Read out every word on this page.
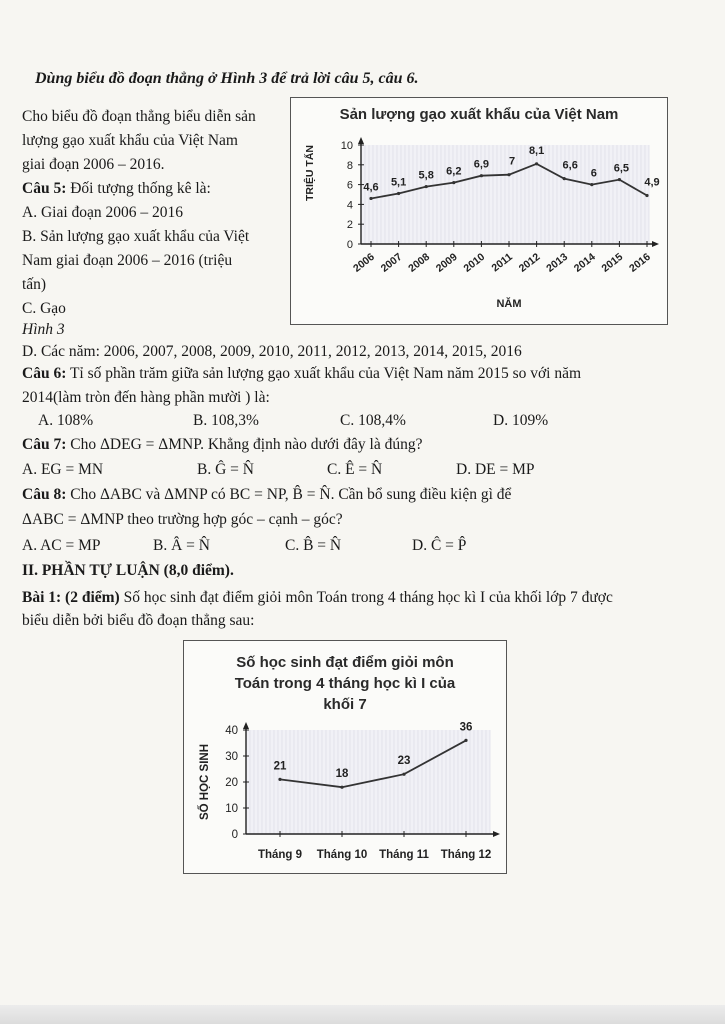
Dùng biểu đồ đoạn thẳng ở Hình 3 để trả lời câu 5, câu 6.
Cho biểu đồ đoạn thẳng biểu diễn sản
lượng gạo xuất khẩu của Việt Nam
giai đoạn 2006 – 2016.
Câu 5: Đối tượng thống kê là:
A. Giai đoạn 2006 – 2016
B. Sản lượng gạo xuất khẩu của Việt
Nam giai đoạn 2006 – 2016 (triệu
tấn)
C. Gạo
Hình 3
D. Các năm: 2006, 2007, 2008, 2009, 2010, 2011, 2012, 2013, 2014, 2015, 2016
Sản lượng gạo xuất khẩu của Việt Nam
0
2
4
6
8
10
2006 2007 2008 2009 2010 2011 2012 2013 2014 2015 2016
4,6 5,1
5,8 6,2
6,9 7
8,1
6,6
6 6,5
4,9
TRIỆU TẤN
NĂM
Câu 6: Tỉ số phần trăm giữa sản lượng gạo xuất khẩu của Việt Nam năm 2015 so với năm
2014(làm tròn đến hàng phần mười ) là:
A. 108%	B. 108,3%	C. 108,4%	D. 109%
Câu 7: Cho ΔDEG = ΔMNP. Khẳng định nào dưới đây là đúng?
A. EG = MN	B. Ĝ = N̂	C. Ê = N̂	D. DE = MP
Câu 8: Cho ΔABC và ΔMNP có BC = NP, B̂ = N̂. Cần bổ sung điều kiện gì để
ΔABC = ΔMNP theo trường hợp góc – cạnh – góc?
A. AC = MP	B. Â = N̂	C. B̂ = N̂	D. Ĉ = P̂
II. PHẦN TỰ LUẬN (8,0 điểm).
Bài 1: (2 điểm) Số học sinh đạt điểm giỏi môn Toán trong 4 tháng học kì I của khối lớp 7 được
biểu diễn bởi biểu đồ đoạn thẳng sau:
Số học sinh đạt điểm giỏi môn
Toán trong 4 tháng học kì I của
khối 7
0
10
20
30
40
Tháng 9 Tháng 10 Tháng 11 Tháng 12
21
18
23
36
SỐ HỌC SINH
